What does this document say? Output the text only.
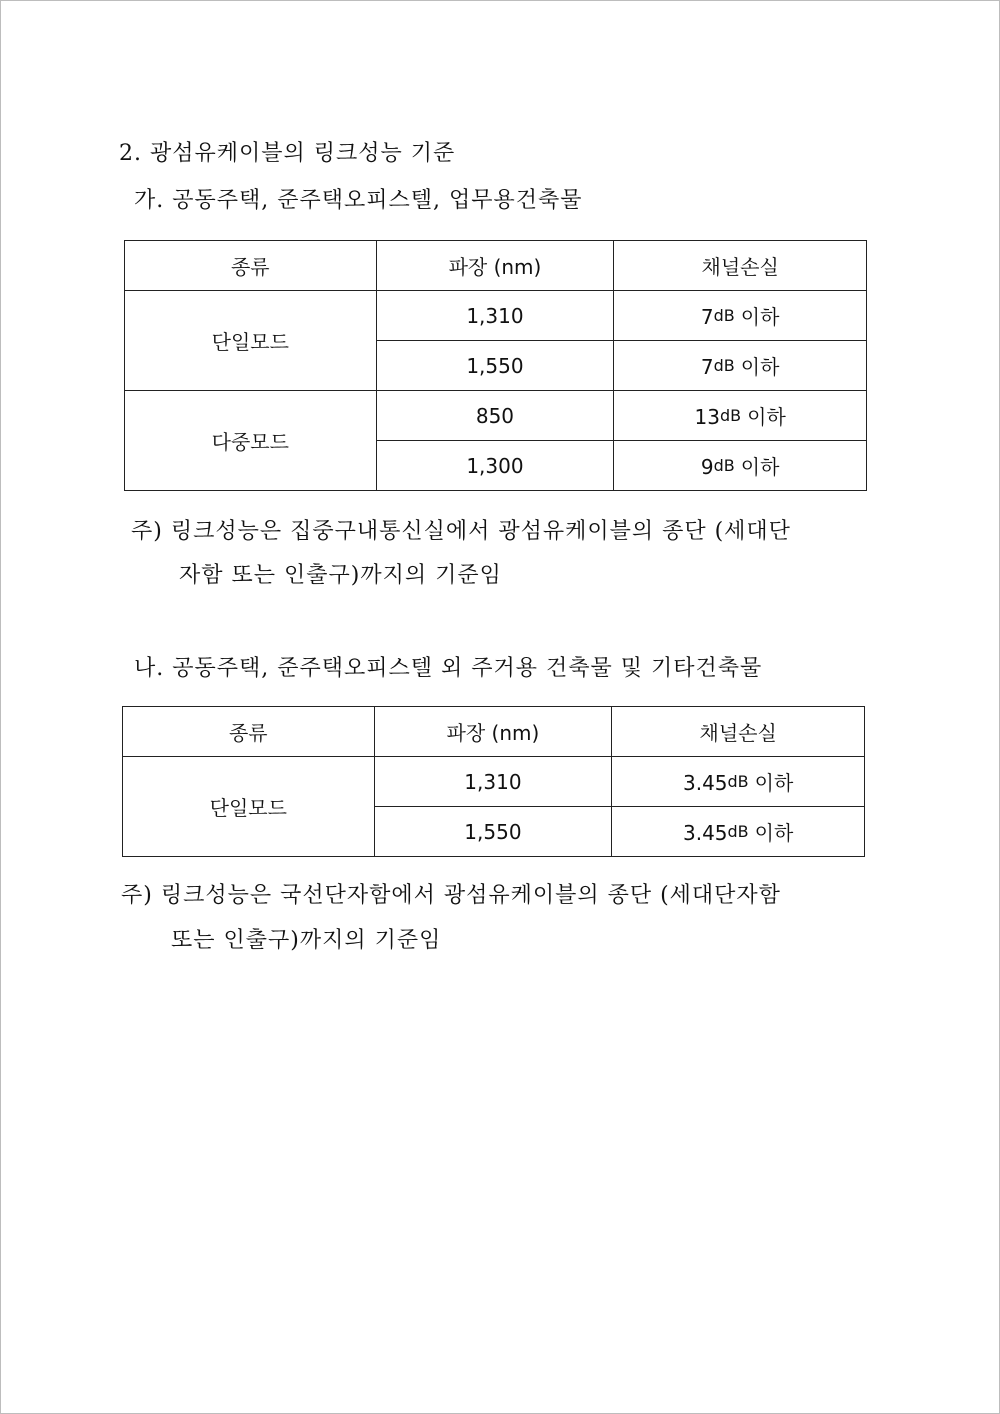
2. 광섬유케이블의 링크성능 기준
가. 공동주택, 준주택오피스텔, 업무용건축물
종류	파장 (nm)	채널손실
단일모드	1,310	7dB 이하
	1,550	7dB 이하
다중모드	850	13dB 이하
	1,300	9dB 이하
주) 링크성능은 집중구내통신실에서 광섬유케이블의 종단 (세대단
자함 또는 인출구)까지의 기준임
나. 공동주택, 준주택오피스텔 외 주거용 건축물 및 기타건축물
종류	파장 (nm)	채널손실
단일모드	1,310	3.45dB 이하
	1,550	3.45dB 이하
주) 링크성능은 국선단자함에서 광섬유케이블의 종단 (세대단자함
또는 인출구)까지의 기준임
